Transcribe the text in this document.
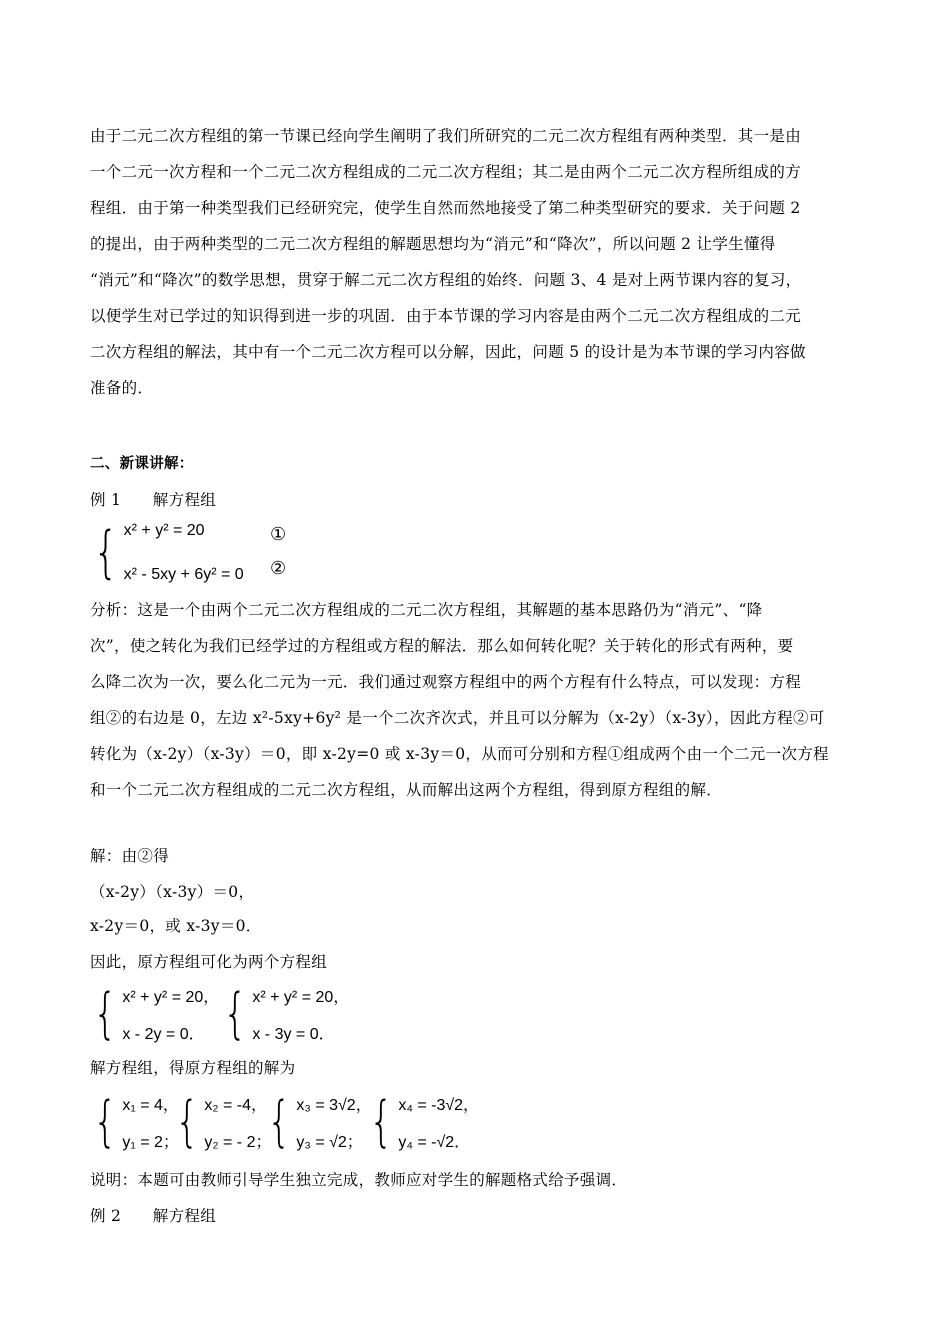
由于二元二次方程组的第一节课已经向学生阐明了我们所研究的二元二次方程组有两种类型．其一是由

一个二元一次方程和一个二元二次方程组成的二元二次方程组；其二是由两个二元二次方程所组成的方

程组．由于第一种类型我们已经研究完，使学生自然而然地接受了第二种类型研究的要求．关于问题 2

的提出，由于两种类型的二元二次方程组的解题思想均为“消元”和“降次”，所以问题 2 让学生懂得

“消元”和“降次”的数学思想，贯穿于解二元二次方程组的始终．问题 3、4 是对上两节课内容的复习，

以便学生对已学过的知识得到进一步的巩固．由于本节课的学习内容是由两个二元二次方程组成的二元

二次方程组的解法，其中有一个二元二次方程可以分解，因此，问题 5 的设计是为本节课的学习内容做

准备的．

二、新课讲解：
例 1　　解方程组
{ x² + y² = 20
x² - 5xy + 6y² = 0
①
②

分析：这是一个由两个二元二次方程组成的二元二次方程组，其解题的基本思路仍为“消元”、“降

次”，使之转化为我们已经学过的方程组或方程的解法．那么如何转化呢？关于转化的形式有两种，要

么降二次为一次，要么化二元为一元．我们通过观察方程组中的两个方程有什么特点，可以发现：方程

组②的右边是 0，左边 x²-5xy+6y² 是一个二次齐次式，并且可以分解为（x-2y）（x-3y），因此方程②可

转化为（x-2y）（x-3y）＝0，即 x-2y=0 或 x-3y＝0，从而可分别和方程①组成两个由一个二元一次方程

和一个二元二次方程组成的二元二次方程组，从而解出这两个方程组，得到原方程组的解．

解：由②得
（x-2y）（x-3y）＝0，
x-2y＝0，或 x-3y＝0．
因此，原方程组可化为两个方程组
{ x² + y² = 20，
x - 2y = 0． { x² + y² = 20，
x - 3y = 0．
解方程组，得原方程组的解为
{ x₁ = 4，
y₁ = 2；
{ x₂ = -4，
y₂ = - 2；
{ x₃ = 3√2，
y₃ = √2； { x₄ = -3√2，
y₄ = -√2．
说明：本题可由教师引导学生独立完成，教师应对学生的解题格式给予强调．
例 2　　解方程组
